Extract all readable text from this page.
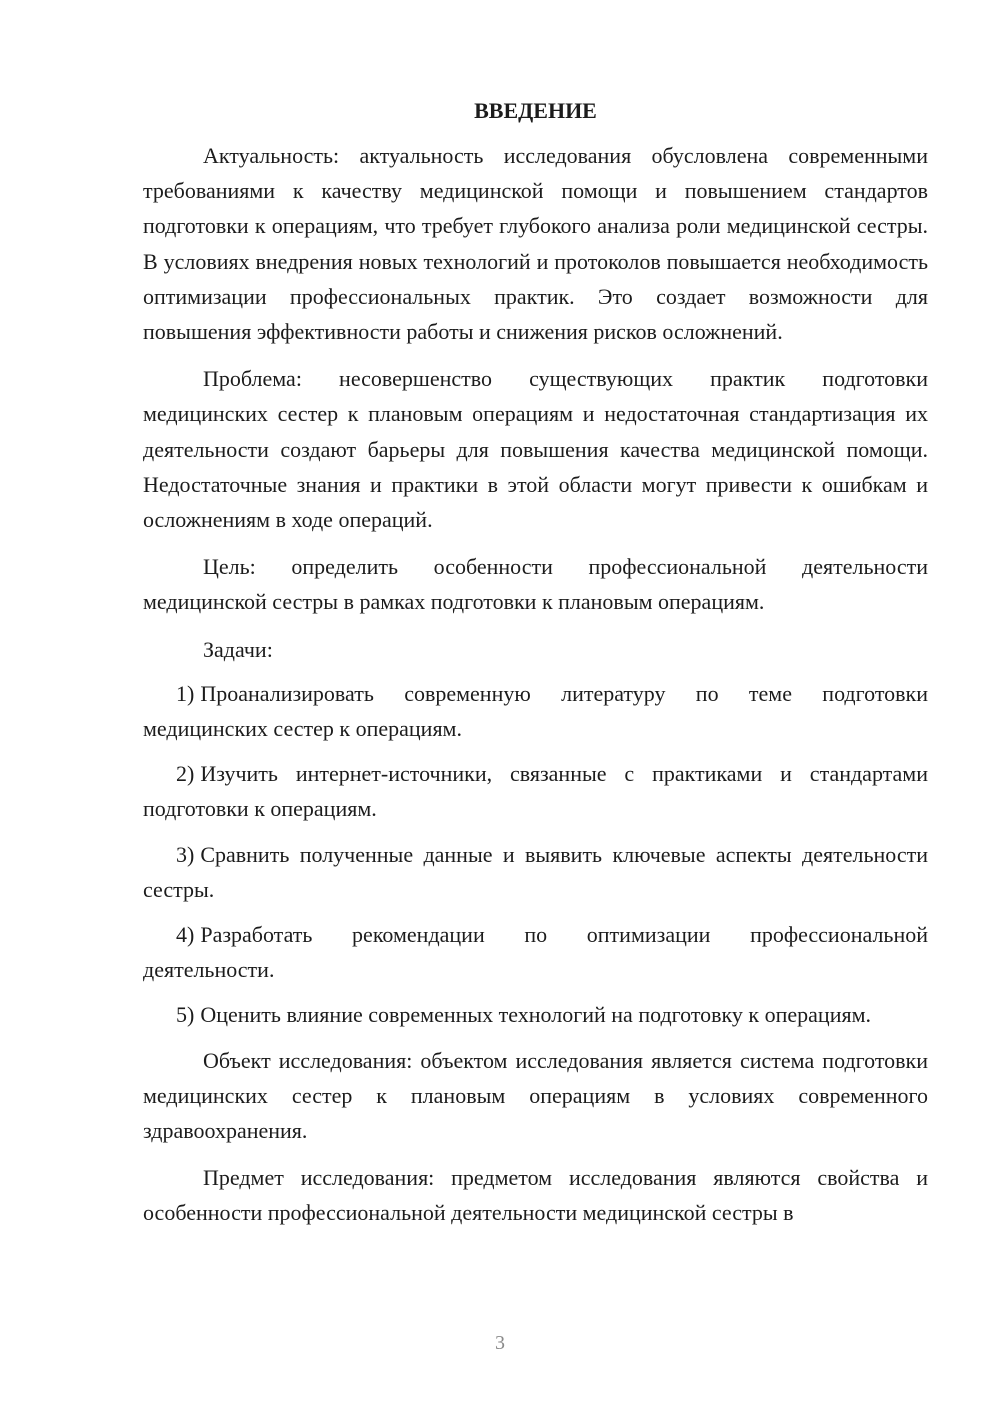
ВВЕДЕНИЕ

Актуальность: актуальность исследования обусловлена современными требованиями к качеству медицинской помощи и повышением стандартов подготовки к операциям, что требует глубокого анализа роли медицинской сестры. В условиях внедрения новых технологий и протоколов повышается необходимость оптимизации профессиональных практик. Это создает возможности для повышения эффективности работы и снижения рисков осложнений.

Проблема: несовершенство существующих практик подготовки медицинских сестер к плановым операциям и недостаточная стандартизация их деятельности создают барьеры для повышения качества медицинской помощи. Недостаточные знания и практики в этой области могут привести к ошибкам и осложнениям в ходе операций.

Цель: определить особенности профессиональной деятельности медицинской сестры в рамках подготовки к плановым операциям.

Задачи:

1) Проанализировать современную литературу по теме подготовки медицинских сестер к операциям.

2) Изучить интернет-источники, связанные с практиками и стандартами подготовки к операциям.

3) Сравнить полученные данные и выявить ключевые аспекты деятельности сестры.

4) Разработать рекомендации по оптимизации профессиональной деятельности.

5) Оценить влияние современных технологий на подготовку к операциям.

Объект исследования: объектом исследования является система подготовки медицинских сестер к плановым операциям в условиях современного здравоохранения.

Предмет исследования: предметом исследования являются свойства и особенности профессиональной деятельности медицинской сестры в

3
